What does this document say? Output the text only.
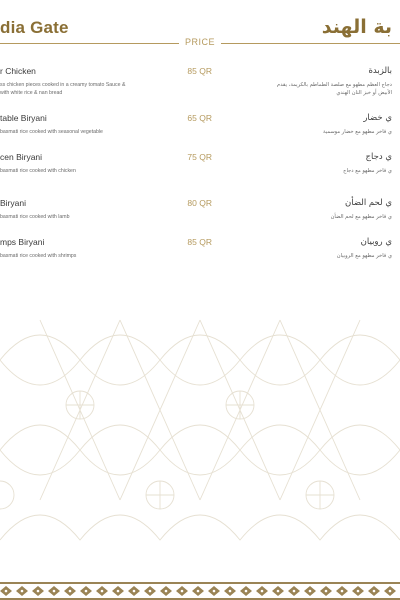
dia Gate	بة الهند
PRICE
r Chicken	85 QR
ss chicken pieces cooked in a creamy tomato Sauce &
with white rice & nan bread
table Biryani	65 QR
basmati rice cooked with seasonal vegetable
cen Biryani	75 QR
basmati rice cooked with chicken
Biryani	80 QR
basmati rice cooked with lamb
mps Biryani	85 QR
basmati rice cooked with shrimps
بالزبدة
دجاج العظم مطهو مع صلصة الطماطم بالكريمة، يقدم
الأبيض أو خبز النان الهندي
ي خضار
ي فاخر مطهو مع خضار موسمية
ي دجاج
ي فاخر مطهو مع دجاج
ي لحم الضأن
ي فاخر مطهو مع لحم الضأن
ي روبيان
ي فاخر مطهو مع الروبيان
